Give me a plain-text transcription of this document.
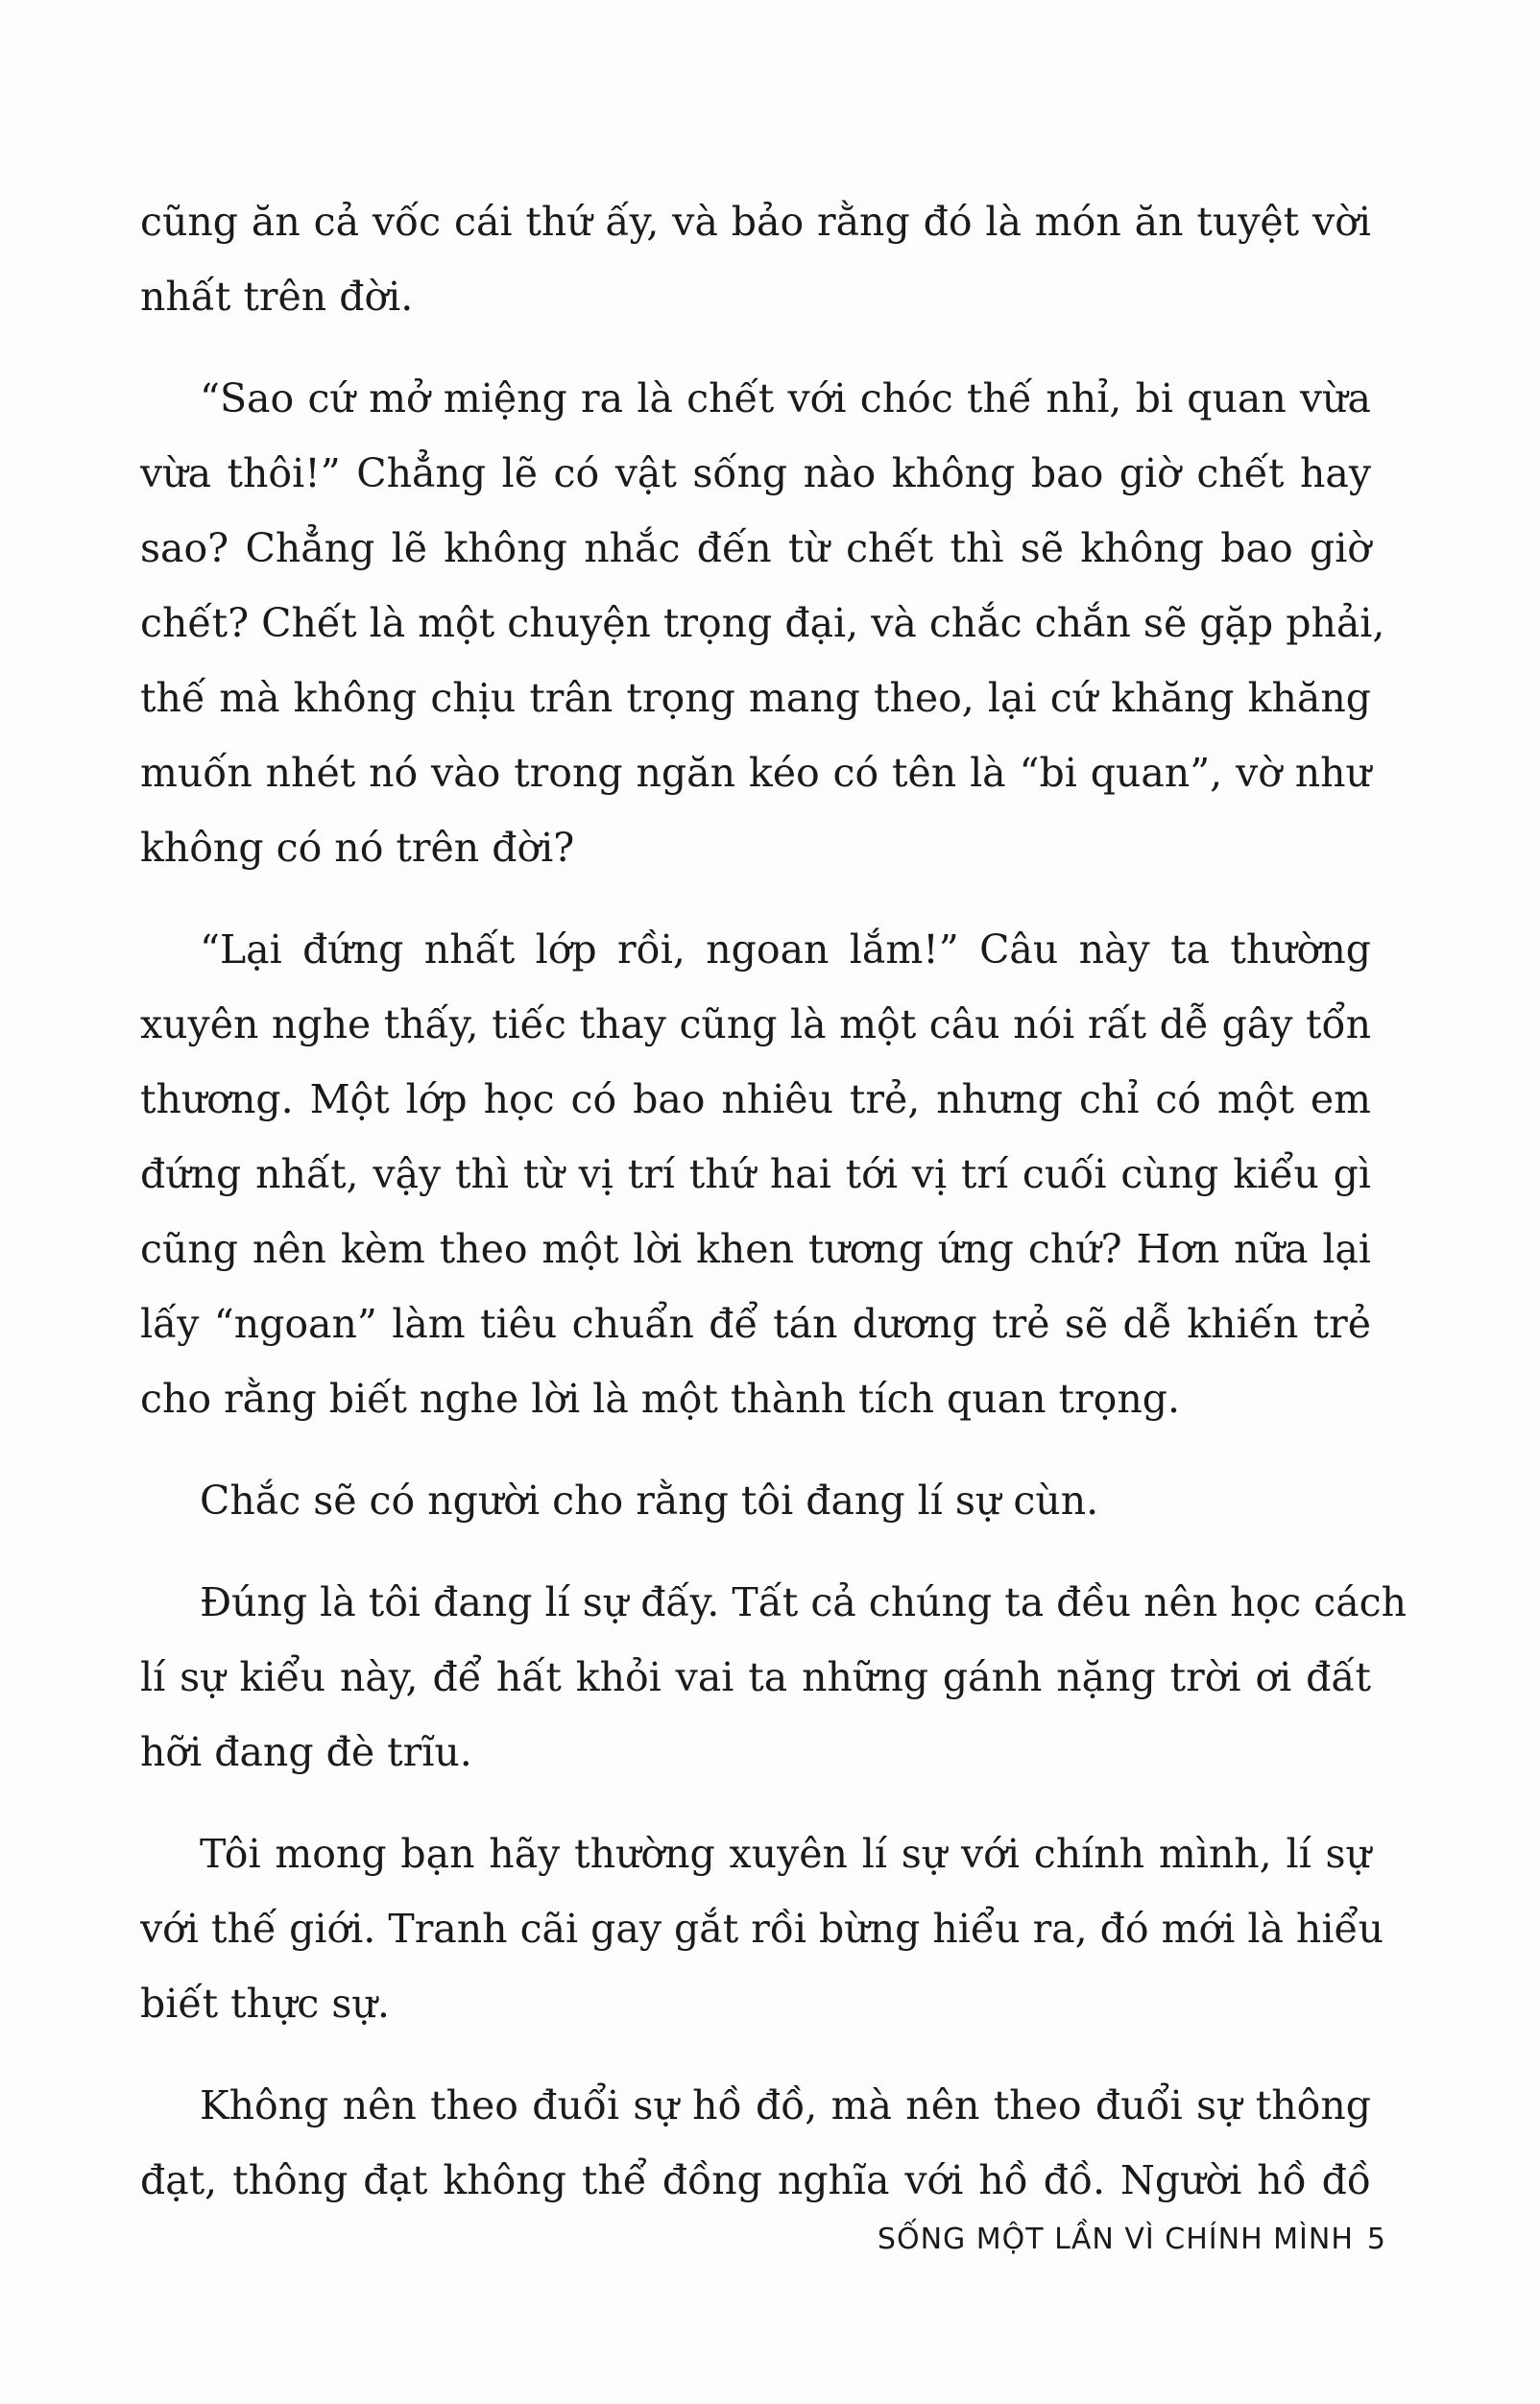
cũng ăn cả vốc cái thứ ấy, và bảo rằng đó là món ăn tuyệt vời
nhất trên đời.
“Sao cứ mở miệng ra là chết với chóc thế nhỉ, bi quan vừa
vừa thôi!” Chẳng lẽ có vật sống nào không bao giờ chết hay
sao? Chẳng lẽ không nhắc đến từ chết thì sẽ không bao giờ
chết? Chết là một chuyện trọng đại, và chắc chắn sẽ gặp phải,
thế mà không chịu trân trọng mang theo, lại cứ khăng khăng
muốn nhét nó vào trong ngăn kéo có tên là “bi quan”, vờ như
không có nó trên đời?
“Lại đứng nhất lớp rồi, ngoan lắm!” Câu này ta thường
xuyên nghe thấy, tiếc thay cũng là một câu nói rất dễ gây tổn
thương. Một lớp học có bao nhiêu trẻ, nhưng chỉ có một em
đứng nhất, vậy thì từ vị trí thứ hai tới vị trí cuối cùng kiểu gì
cũng nên kèm theo một lời khen tương ứng chứ? Hơn nữa lại
lấy “ngoan” làm tiêu chuẩn để tán dương trẻ sẽ dễ khiến trẻ
cho rằng biết nghe lời là một thành tích quan trọng.
Chắc sẽ có người cho rằng tôi đang lí sự cùn.
Đúng là tôi đang lí sự đấy. Tất cả chúng ta đều nên học cách
lí sự kiểu này, để hất khỏi vai ta những gánh nặng trời ơi đất
hỡi đang đè trĩu.
Tôi mong bạn hãy thường xuyên lí sự với chính mình, lí sự
với thế giới. Tranh cãi gay gắt rồi bừng hiểu ra, đó mới là hiểu
biết thực sự.
Không nên theo đuổi sự hồ đồ, mà nên theo đuổi sự thông
đạt, thông đạt không thể đồng nghĩa với hồ đồ. Người hồ đồ
SỐNG MỘT LẦN VÌ CHÍNH MÌNH 5
